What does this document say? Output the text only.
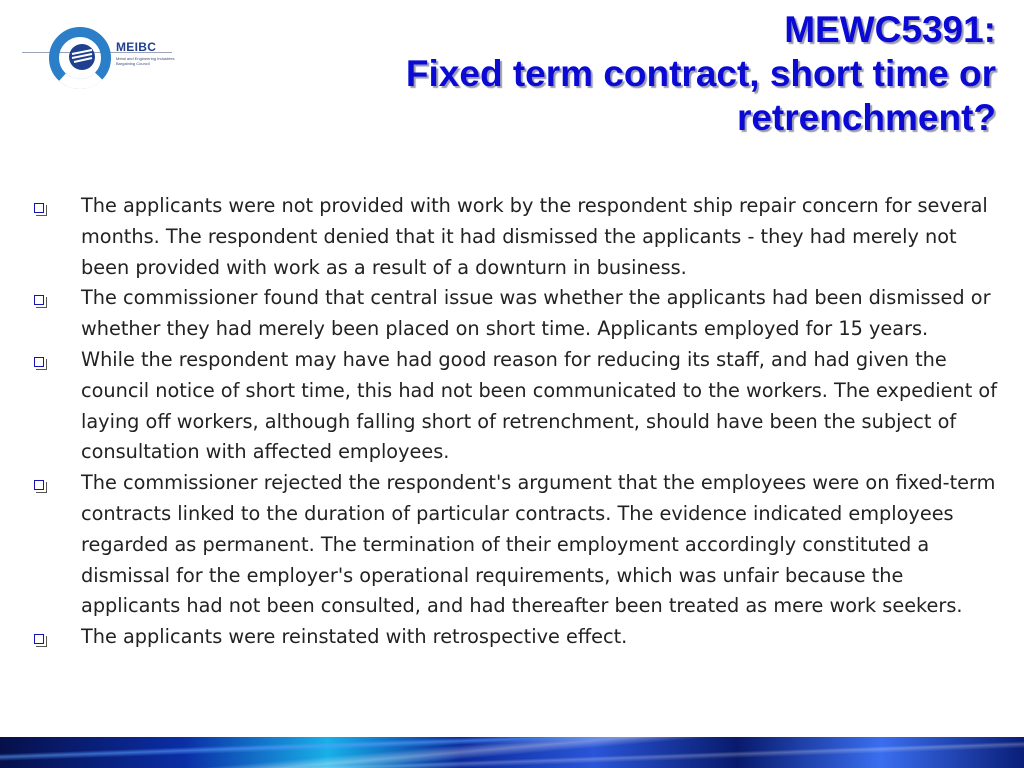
MEIBC
Metal and Engineering Industries Bargaining Council
MEWC5391:
Fixed term contract, short time or
retrenchment?
The applicants were not provided with work by the respondent ship repair concern for several months. The respondent denied that it had dismissed the applicants - they had merely not been provided with work as a result of a downturn in business.
The commissioner found that central issue was whether the applicants had been dismissed or whether they had merely been placed on short time. Applicants employed for 15 years.
While the respondent may have had good reason for reducing its staff, and had given the council notice of short time, this had not been communicated to the workers. The expedient of laying off workers, although falling short of retrenchment, should have been the subject of consultation with affected employees.
The commissioner rejected the respondent's argument that the employees were on fixed-term contracts linked to the duration of particular contracts. The evidence indicated employees regarded as permanent. The termination of their employment accordingly constituted a dismissal for the employer's operational requirements, which was unfair because the applicants had not been consulted, and had thereafter been treated as mere work seekers.
The applicants were reinstated with retrospective effect.
